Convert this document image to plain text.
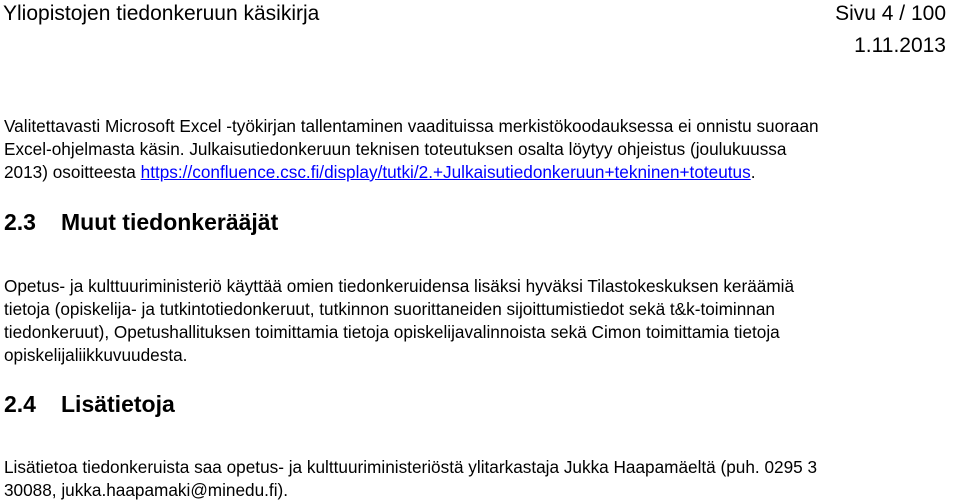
Yliopistojen tiedonkeruun käsikirja	Sivu 4 / 100
1.11.2013
Valitettavasti Microsoft Excel -työkirjan tallentaminen vaadituissa merkistökoodauksessa ei onnistu suoraan
Excel-ohjelmasta käsin. Julkaisutiedonkeruun teknisen toteutuksen osalta löytyy ohjeistus (joulukuussa
2013) osoitteesta https://confluence.csc.fi/display/tutki/2.+Julkaisutiedonkeruun+tekninen+toteutus.
2.3 Muut tiedonkerääjät
Opetus- ja kulttuuriministeriö käyttää omien tiedonkeruidensa lisäksi hyväksi Tilastokeskuksen keräämiä
tietoja (opiskelija- ja tutkintotiedonkeruut, tutkinnon suorittaneiden sijoittumistiedot sekä t&k-toiminnan
tiedonkeruut), Opetushallituksen toimittamia tietoja opiskelijavalinnoista sekä Cimon toimittamia tietoja
opiskelijaliikkuvuudesta.
2.4 Lisätietoja
Lisätietoa tiedonkeruista saa opetus- ja kulttuuriministeriöstä ylitarkastaja Jukka Haapamäeltä (puh. 0295 3
30088, jukka.haapamaki@minedu.fi).
